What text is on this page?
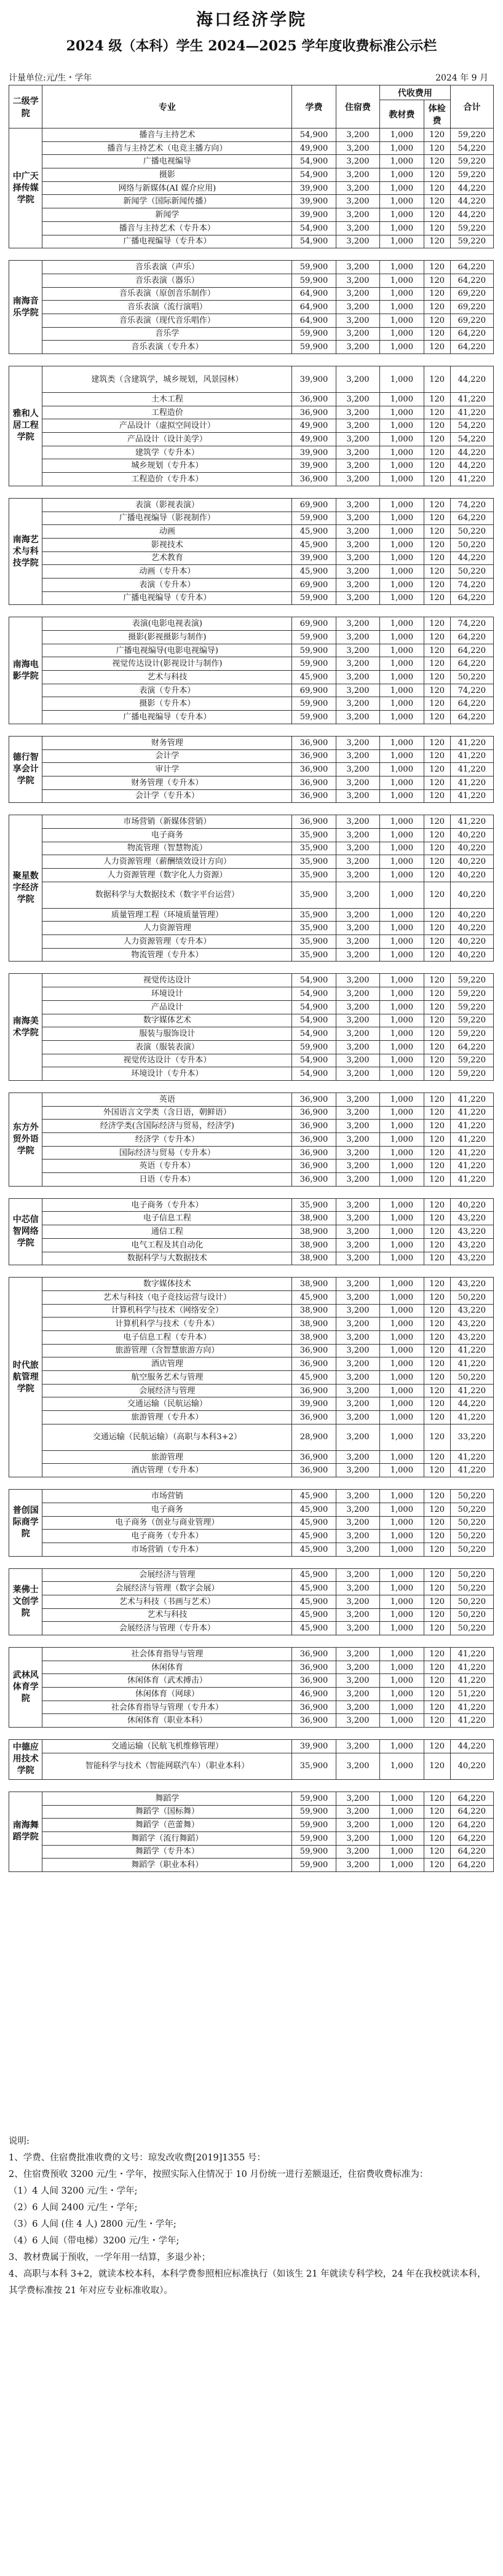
海口经济学院
2024 级（本科）学生 2024—2025 学年度收费标准公示栏
计量单位:元/生・学年	2024 年 9 月
二级学院	专业	学费	住宿费	代收费用		合计
				教材费	体检费	
中广天择传媒学院	播音与主持艺术	54,900	3,200	1,000	120	59,220
	播音与主持艺术（电竞主播方向）	49,900	3,200	1,000	120	54,220
	广播电视编导	54,900	3,200	1,000	120	59,220
	摄影	54,900	3,200	1,000	120	59,220
	网络与新媒体(AI 媒介应用)	39,900	3,200	1,000	120	44,220
	新闻学（国际新闻传播）	39,900	3,200	1,000	120	44,220
	新闻学	39,900	3,200	1,000	120	44,220
	播音与主持艺术（专升本）	54,900	3,200	1,000	120	59,220
	广播电视编导（专升本）	54,900	3,200	1,000	120	59,220

南海音乐学院	音乐表演（声乐）	59,900	3,200	1,000	120	64,220
	音乐表演（器乐）	59,900	3,200	1,000	120	64,220
	音乐表演（原创音乐制作）	64,900	3,200	1,000	120	69,220
	音乐表演（流行演唱）	64,900	3,200	1,000	120	69,220
	音乐表演（现代音乐唱作）	64,900	3,200	1,000	120	69,220
	音乐学	59,900	3,200	1,000	120	64,220
	音乐表演（专升本）	59,900	3,200	1,000	120	64,220

雅和人居工程学院	建筑类（含建筑学，城乡规划，风景园林）	39,900	3,200	1,000	120	44,220
	土木工程	36,900	3,200	1,000	120	41,220
	工程造价	36,900	3,200	1,000	120	41,220
	产品设计（虚拟空间设计）	49,900	3,200	1,000	120	54,220
	产品设计（设计美学）	49,900	3,200	1,000	120	54,220
	建筑学（专升本）	39,900	3,200	1,000	120	44,220
	城乡规划（专升本）	39,900	3,200	1,000	120	44,220
	工程造价（专升本）	36,900	3,200	1,000	120	41,220

南海艺术与科技学院	表演（影视表演）	69,900	3,200	1,000	120	74,220
	广播电视编导（影视制作）	59,900	3,200	1,000	120	64,220
	动画	45,900	3,200	1,000	120	50,220
	影视技术	45,900	3,200	1,000	120	50,220
	艺术教育	39,900	3,200	1,000	120	44,220
	动画（专升本）	45,900	3,200	1,000	120	50,220
	表演（专升本）	69,900	3,200	1,000	120	74,220
	广播电视编导（专升本）	59,900	3,200	1,000	120	64,220

南海电影学院	表演(电影电视表演)	69,900	3,200	1,000	120	74,220
	摄影(影视摄影与制作)	59,900	3,200	1,000	120	64,220
	广播电视编导(电影电视编导)	59,900	3,200	1,000	120	64,220
	视觉传达设计(影视设计与制作)	59,900	3,200	1,000	120	64,220
	艺术与科技	45,900	3,200	1,000	120	50,220
	表演（专升本）	69,900	3,200	1,000	120	74,220
	摄影（专升本）	59,900	3,200	1,000	120	64,220
	广播电视编导（专升本）	59,900	3,200	1,000	120	64,220

德行智享会计学院	财务管理	36,900	3,200	1,000	120	41,220
	会计学	36,900	3,200	1,000	120	41,220
	审计学	36,900	3,200	1,000	120	41,220
	财务管理（专升本）	36,900	3,200	1,000	120	41,220
	会计学（专升本）	36,900	3,200	1,000	120	41,220

聚星数字经济学院	市场营销（新媒体营销）	36,900	3,200	1,000	120	41,220
	电子商务	35,900	3,200	1,000	120	40,220
	物流管理（智慧物流）	35,900	3,200	1,000	120	40,220
	人力资源管理（薪酬绩效设计方向）	35,900	3,200	1,000	120	40,220
	人力资源管理（数字化人力资源）	35,900	3,200	1,000	120	40,220
	数据科学与大数据技术（数字平台运营）	35,900	3,200	1,000	120	40,220
	质量管理工程（环境质量管理）	35,900	3,200	1,000	120	40,220
	人力资源管理	35,900	3,200	1,000	120	40,220
	人力资源管理（专升本）	35,900	3,200	1,000	120	40,220
	物流管理（专升本）	35,900	3,200	1,000	120	40,220

南海美术学院	视觉传达设计	54,900	3,200	1,000	120	59,220
	环境设计	54,900	3,200	1,000	120	59,220
	产品设计	54,900	3,200	1,000	120	59,220
	数字媒体艺术	54,900	3,200	1,000	120	59,220
	服装与服饰设计	54,900	3,200	1,000	120	59,220
	表演（服装表演）	59,900	3,200	1,000	120	64,220
	视觉传达设计（专升本）	54,900	3,200	1,000	120	59,220
	环境设计（专升本）	54,900	3,200	1,000	120	59,220

东方外贸外语学院	英语	36,900	3,200	1,000	120	41,220
	外国语言文学类（含日语，朝鲜语）	36,900	3,200	1,000	120	41,220
	经济学类(含国际经济与贸易，经济学)	36,900	3,200	1,000	120	41,220
	经济学（专升本）	36,900	3,200	1,000	120	41,220
	国际经济与贸易（专升本）	36,900	3,200	1,000	120	41,220
	英语（专升本）	36,900	3,200	1,000	120	41,220
	日语（专升本）	36,900	3,200	1,000	120	41,220

中芯信智网络学院	电子商务（专升本）	35,900	3,200	1,000	120	40,220
	电子信息工程	38,900	3,200	1,000	120	43,220
	通信工程	38,900	3,200	1,000	120	43,220
	电气工程及其自动化	38,900	3,200	1,000	120	43,220
	数据科学与大数据技术	38,900	3,200	1,000	120	43,220

时代旅航管理学院	数字媒体技术	38,900	3,200	1,000	120	43,220
	艺术与科技（电子竞技运营与设计）	45,900	3,200	1,000	120	50,220
	计算机科学与技术（网络安全）	38,900	3,200	1,000	120	43,220
	计算机科学与技术（专升本）	38,900	3,200	1,000	120	43,220
	电子信息工程（专升本）	38,900	3,200	1,000	120	43,220
	旅游管理（含智慧旅游方向）	36,900	3,200	1,000	120	41,220
	酒店管理	36,900	3,200	1,000	120	41,220
	航空服务艺术与管理	45,900	3,200	1,000	120	50,220
	会展经济与管理	36,900	3,200	1,000	120	41,220
	交通运输（民航运输）	39,900	3,200	1,000	120	44,220
	旅游管理（专升本）	36,900	3,200	1,000	120	41,220
	交通运输（民航运输）（高职与本科3+2）	28,900	3,200	1,000	120	33,220
	旅游管理	36,900	3,200	1,000	120	41,220
	酒店管理（专升本）	36,900	3,200	1,000	120	41,220

普创国际商学院	市场营销	45,900	3,200	1,000	120	50,220
	电子商务	45,900	3,200	1,000	120	50,220
	电子商务（创业与商业管理）	45,900	3,200	1,000	120	50,220
	电子商务（专升本）	45,900	3,200	1,000	120	50,220
	市场营销（专升本）	45,900	3,200	1,000	120	50,220

莱佛士文创学院	会展经济与管理	45,900	3,200	1,000	120	50,220
	会展经济与管理（数字会展）	45,900	3,200	1,000	120	50,220
	艺术与科技（书画与艺术）	45,900	3,200	1,000	120	50,220
	艺术与科技	45,900	3,200	1,000	120	50,220
	会展经济与管理（专升本）	45,900	3,200	1,000	120	50,220

武林风体育学院	社会体育指导与管理	36,900	3,200	1,000	120	41,220
	休闲体育	36,900	3,200	1,000	120	41,220
	休闲体育（武术搏击）	36,900	3,200	1,000	120	41,220
	休闲体育（网球）	46,900	3,200	1,000	120	51,220
	社会体育指导与管理（专升本）	36,900	3,200	1,000	120	41,220
	休闲体育（职业本科）	36,900	3,200	1,000	120	41,220

中德应用技术学院	交通运输（民航飞机维修管理）	39,900	3,200	1,000	120	44,220
	智能科学与技术（智能网联汽车）（职业本科）	35,900	3,200	1,000	120	40,220

南海舞蹈学院	舞蹈学	59,900	3,200	1,000	120	64,220
	舞蹈学（国标舞）	59,900	3,200	1,000	120	64,220
	舞蹈学（芭蕾舞）	59,900	3,200	1,000	120	64,220
	舞蹈学（流行舞蹈）	59,900	3,200	1,000	120	64,220
	舞蹈学（专升本）	59,900	3,200	1,000	120	64,220
	舞蹈学（职业本科）	59,900	3,200	1,000	120	64,220

说明:

1、学费、住宿费批准收费的文号：琼发改收费[2019]1355 号：

2、住宿费预收 3200 元/生・学年，按照实际入住情况于 10 月份统一进行差额退还，住宿费收费标准为：

（1）4 人间 3200 元/生・学年;

（2）6 人间 2400 元/生・学年;

（3）6 人间 (住 4 人) 2800 元/生・学年;

（4）6 人间（带电梯）3200 元/生・学年;

3、教材费属于预收，一学年用一结算，多退少补；

4、高职与本科 3+2，就读本校本科，本科学费参照相应标准执行（如该生 21 年就读专科学校，24 年在我校就读本科，其学费标准按 21 年对应专业标准收取）。
